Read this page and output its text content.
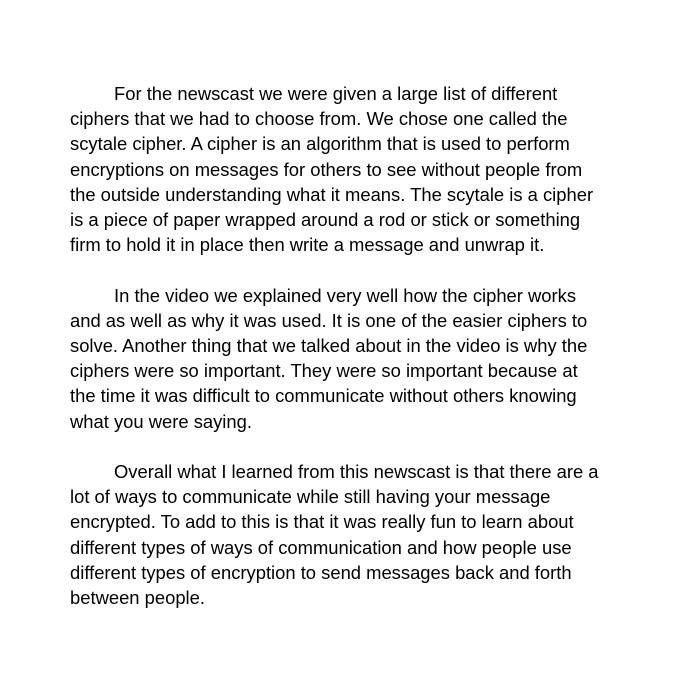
For the newscast we were given a large list of different
ciphers that we had to choose from. We chose one called the
scytale cipher. A cipher is an algorithm that is used to perform
encryptions on messages for others to see without people from
the outside understanding what it means. The scytale is a cipher
is a piece of paper wrapped around a rod or stick or something
firm to hold it in place then write a message and unwrap it.

In the video we explained very well how the cipher works
and as well as why it was used. It is one of the easier ciphers to
solve. Another thing that we talked about in the video is why the
ciphers were so important. They were so important because at
the time it was difficult to communicate without others knowing
what you were saying.

Overall what I learned from this newscast is that there are a
lot of ways to communicate while still having your message
encrypted. To add to this is that it was really fun to learn about
different types of ways of communication and how people use
different types of encryption to send messages back and forth
between people.
